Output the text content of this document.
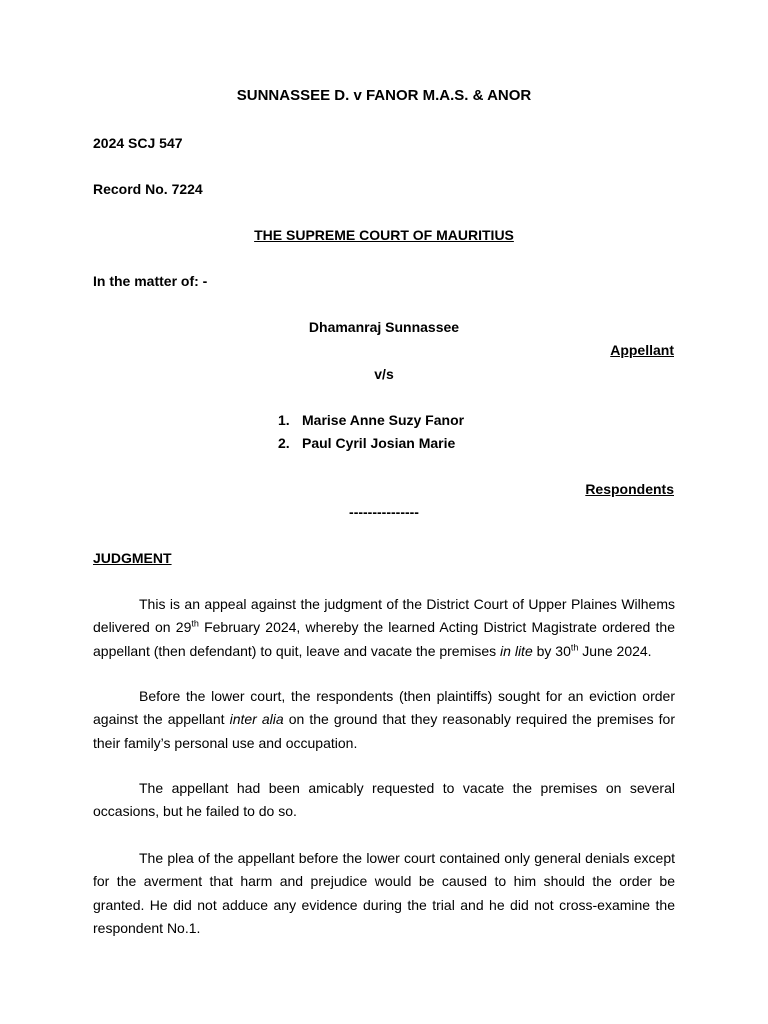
SUNNASSEE D. v FANOR M.A.S. & ANOR
2024 SCJ 547
Record No. 7224
THE SUPREME COURT OF MAURITIUS
In the matter of: -
Dhamanraj Sunnassee
Appellant
v/s
1. Marise Anne Suzy Fanor
2. Paul Cyril Josian Marie
Respondents
---------------
JUDGMENT

This is an appeal against the judgment of the District Court of Upper Plaines Wilhems delivered on 29th February 2024, whereby the learned Acting District Magistrate ordered the appellant (then defendant) to quit, leave and vacate the premises in lite by 30th June 2024.

Before the lower court, the respondents (then plaintiffs) sought for an eviction order against the appellant inter alia on the ground that they reasonably required the premises for their family’s personal use and occupation.

The appellant had been amicably requested to vacate the premises on several occasions, but he failed to do so.

The plea of the appellant before the lower court contained only general denials except for the averment that harm and prejudice would be caused to him should the order be granted. He did not adduce any evidence during the trial and he did not cross-examine the respondent No.1.
